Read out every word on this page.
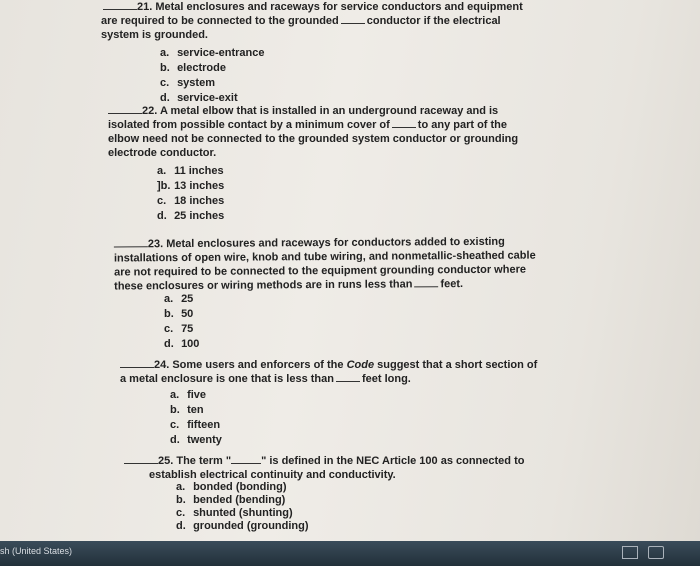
21. Metal enclosures and raceways for service conductors and equipment

are required to be connected to the grounded	conductor if the electrical

system is grounded.

a. service-entrance
b. electrode
c. system
d. service-exit

22. A metal elbow that is installed in an underground raceway and is

isolated from possible contact by a minimum cover of	to any part of the

elbow need not be connected to the grounded system conductor or grounding

electrode conductor.

a. 11 inches
]b. 13 inches
c. 18 inches
d. 25 inches

23. Metal enclosures and raceways for conductors added to existing

installations of open wire, knob and tube wiring, and nonmetallic-sheathed cable

are not required to be connected to the equipment grounding conductor where

these enclosures or wiring methods are in runs less than	feet.

a. 25
b. 50
c. 75
d. 100

24. Some users and enforcers of the Code suggest that a short section of

a metal enclosure is one that is less than	feet long.

a. five
b. ten
c. fifteen
d. twenty

25. The term "	" is defined in the NEC Article 100 as connected to

establish electrical continuity and conductivity.

a. bonded (bonding)
b. bended (bending)
c. shunted (shunting)
d. grounded (grounding)
sh (United States)
